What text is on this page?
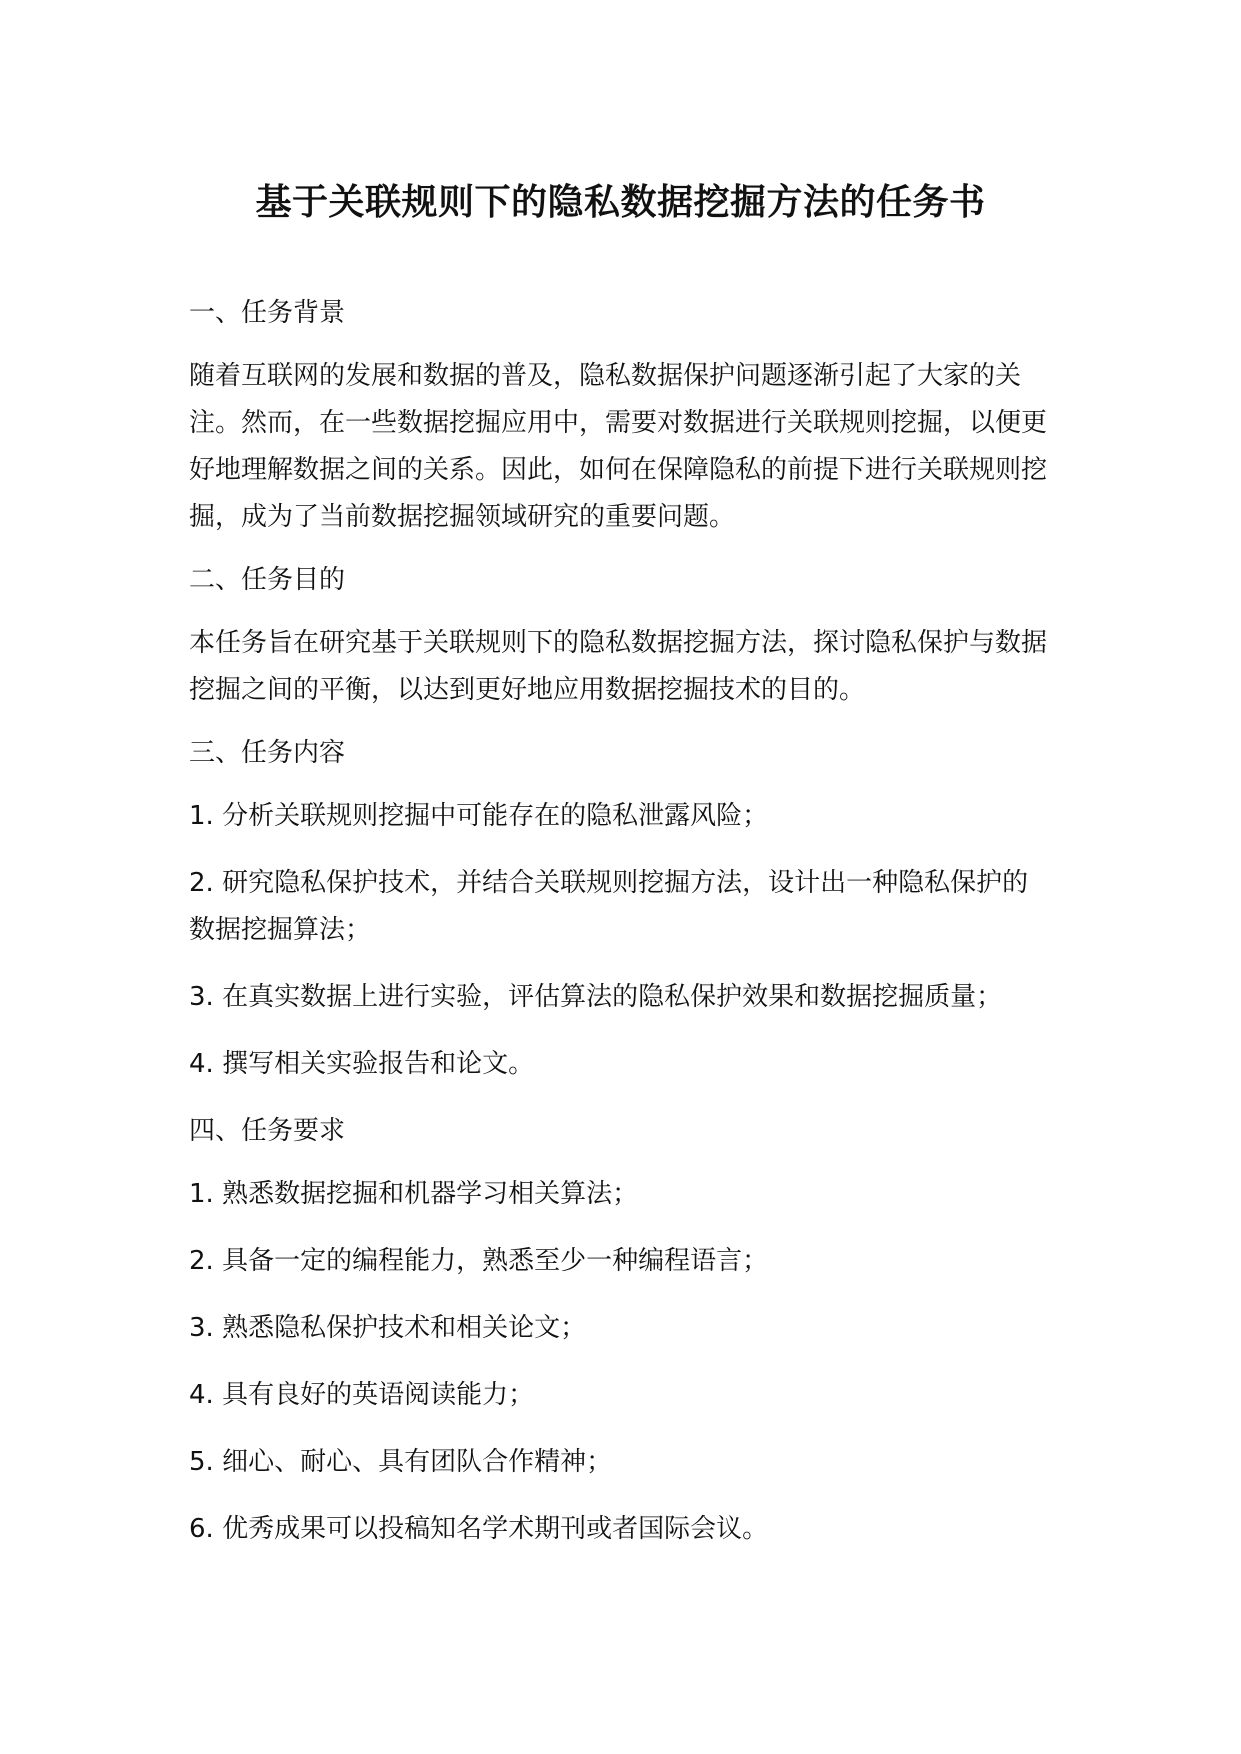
基于关联规则下的隐私数据挖掘方法的任务书

一、任务背景

随着互联网的发展和数据的普及，隐私数据保护问题逐渐引起了大家的关注。然而，在一些数据挖掘应用中，需要对数据进行关联规则挖掘，以便更好地理解数据之间的关系。因此，如何在保障隐私的前提下进行关联规则挖掘，成为了当前数据挖掘领域研究的重要问题。

二、任务目的

本任务旨在研究基于关联规则下的隐私数据挖掘方法，探讨隐私保护与数据挖掘之间的平衡，以达到更好地应用数据挖掘技术的目的。

三、任务内容

1. 分析关联规则挖掘中可能存在的隐私泄露风险；

2. 研究隐私保护技术，并结合关联规则挖掘方法，设计出一种隐私保护的数据挖掘算法；

3. 在真实数据上进行实验，评估算法的隐私保护效果和数据挖掘质量；

4. 撰写相关实验报告和论文。

四、任务要求

1. 熟悉数据挖掘和机器学习相关算法；

2. 具备一定的编程能力，熟悉至少一种编程语言；

3. 熟悉隐私保护技术和相关论文；

4. 具有良好的英语阅读能力；

5. 细心、耐心、具有团队合作精神；

6. 优秀成果可以投稿知名学术期刊或者国际会议。
